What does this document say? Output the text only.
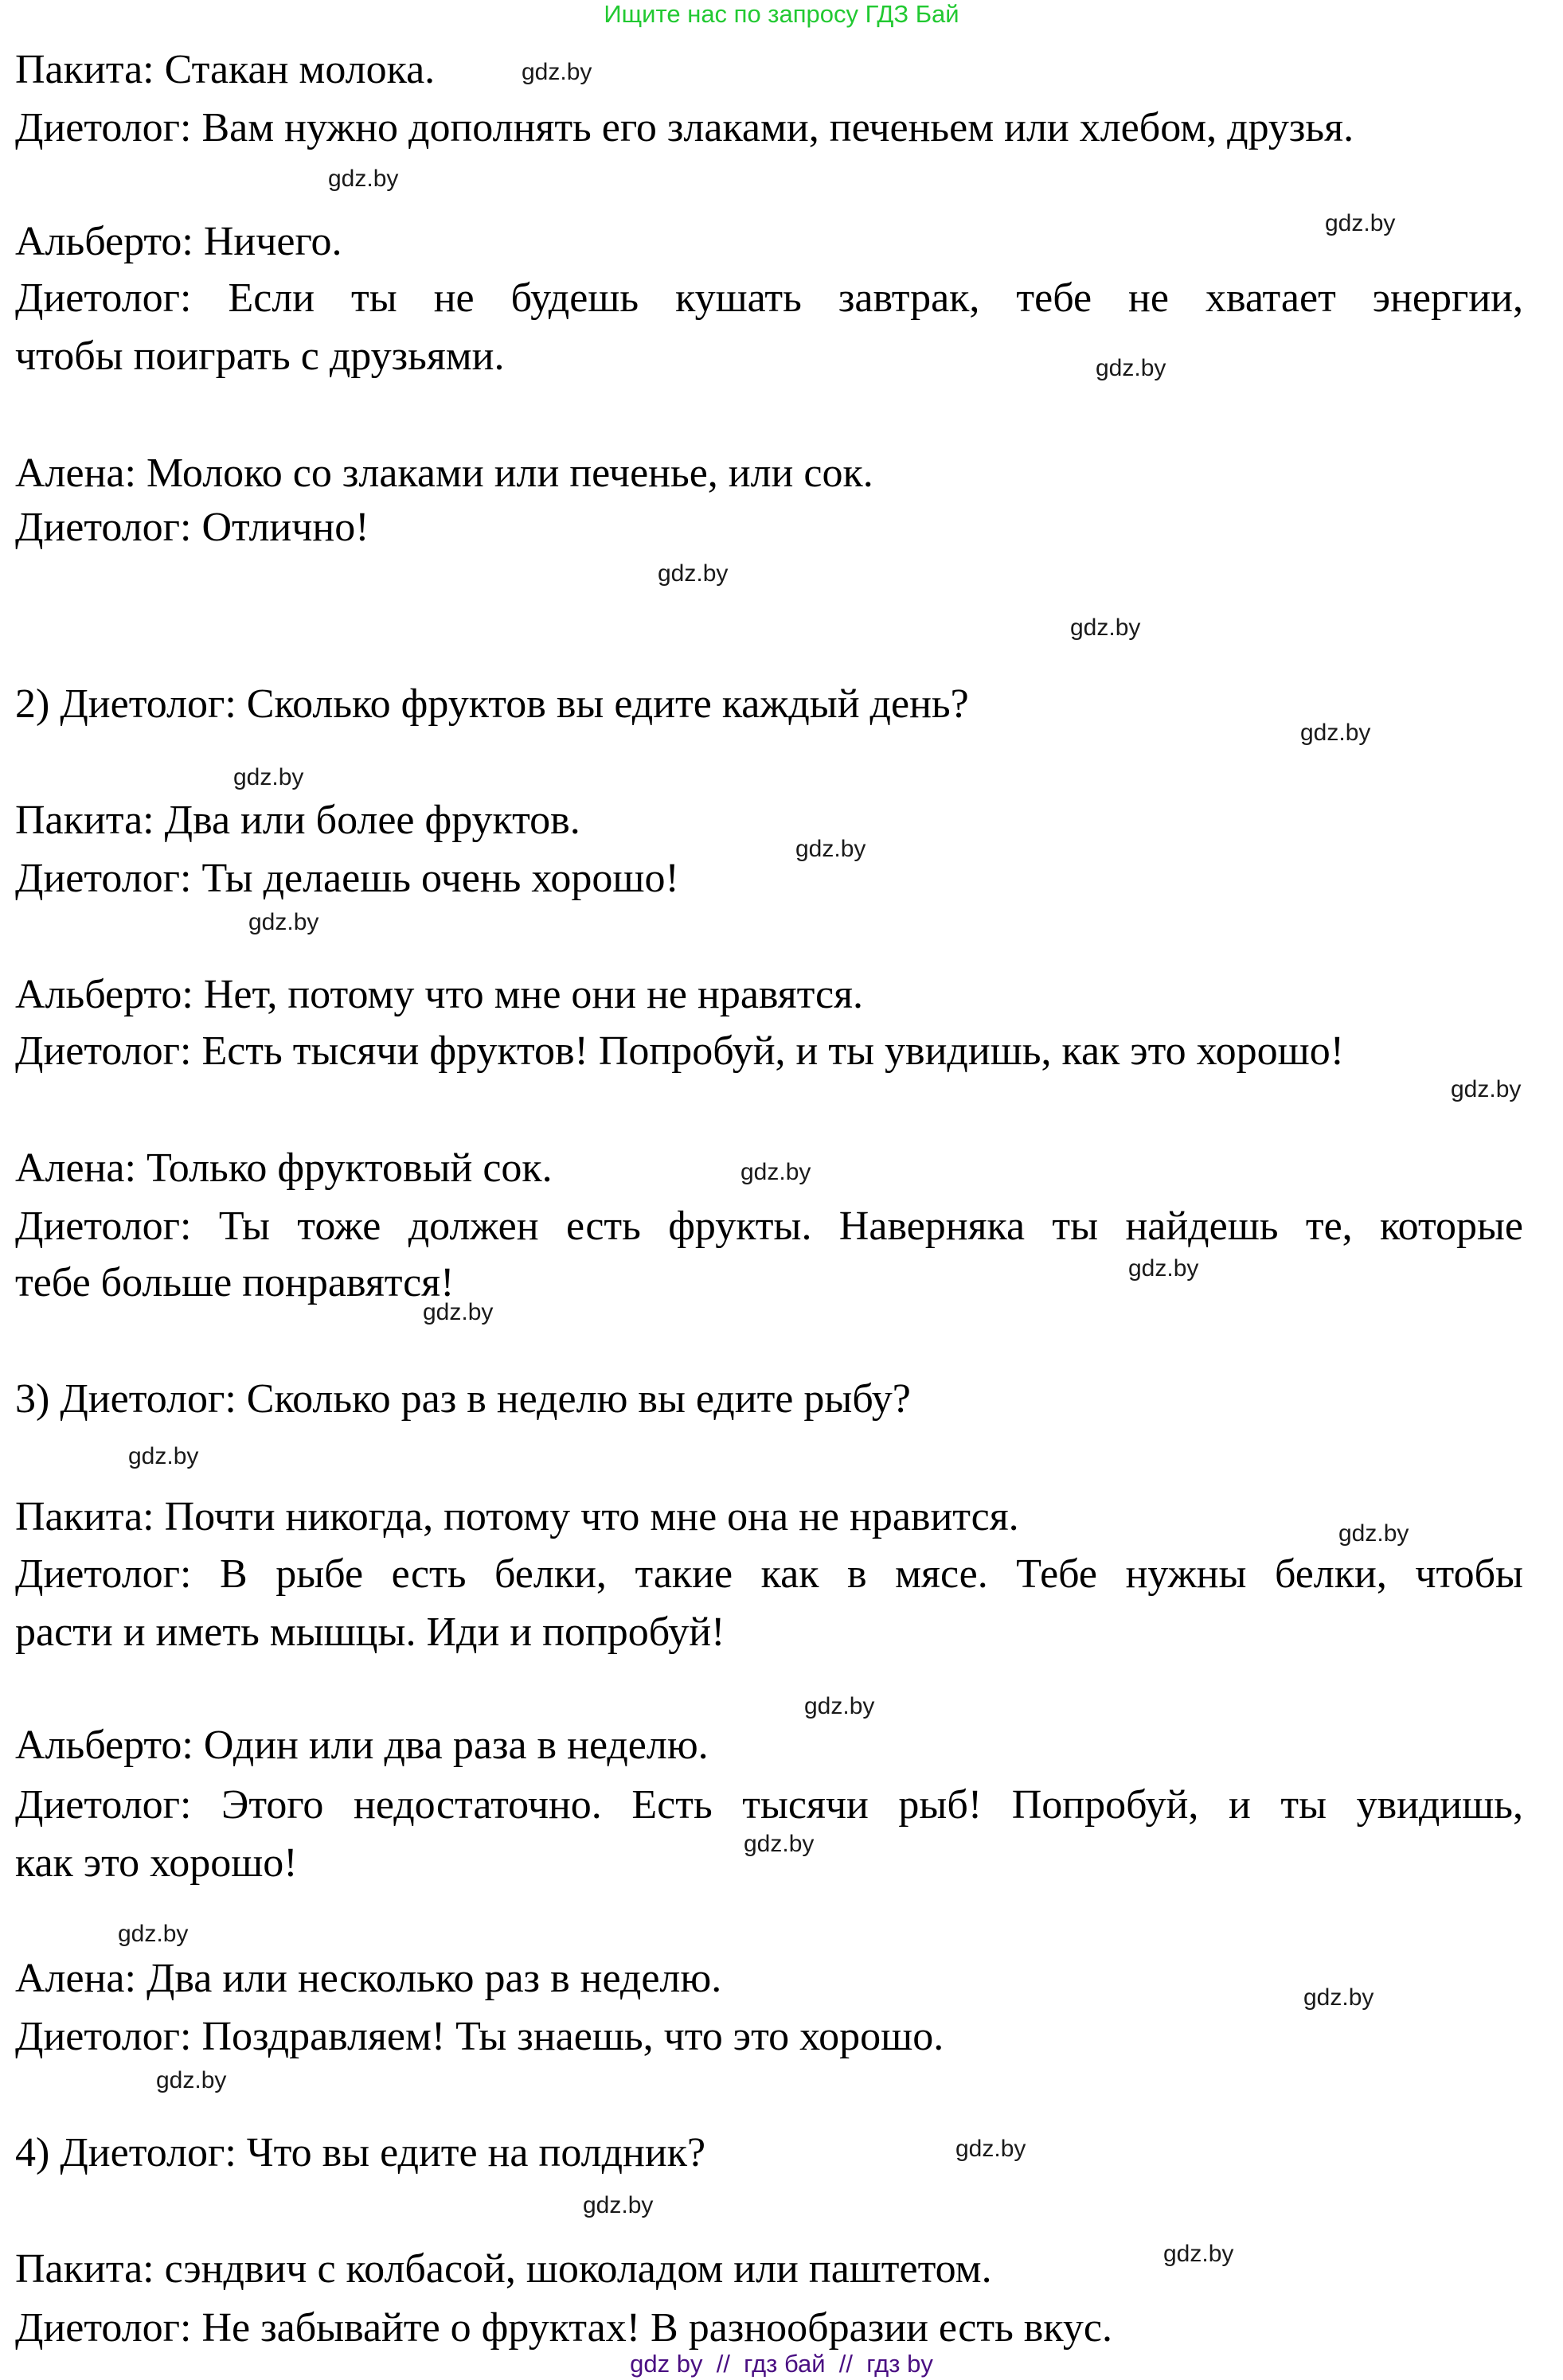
Ищите нас по запросу ГДЗ Бай
Пакита: Стакан молока.
Диетолог: Вам нужно дополнять его злаками, печеньем или хлебом, друзья.
Альберто: Ничего.
Диетолог: Если ты не будешь кушать завтрак, тебе не хватает энергии,
чтобы поиграть с друзьями.
Алена: Молоко со злаками или печенье, или сок.
Диетолог: Отлично!
2) Диетолог: Сколько фруктов вы едите каждый день?
Пакита: Два или более фруктов.
Диетолог: Ты делаешь очень хорошо!
Альберто: Нет, потому что мне они не нравятся.
Диетолог: Есть тысячи фруктов! Попробуй, и ты увидишь, как это хорошо!
Алена: Только фруктовый сок.
Диетолог: Ты тоже должен есть фрукты. Наверняка ты найдешь те, которые
тебе больше понравятся!
3) Диетолог: Сколько раз в неделю вы едите рыбу?
Пакита: Почти никогда, потому что мне она не нравится.
Диетолог: В рыбе есть белки, такие как в мясе. Тебе нужны белки, чтобы
расти и иметь мышцы. Иди и попробуй!
Альберто: Один или два раза в неделю.
Диетолог: Этого недостаточно. Есть тысячи рыб! Попробуй, и ты увидишь,
как это хорошо!
Алена: Два или несколько раз в неделю.
Диетолог: Поздравляем! Ты знаешь, что это хорошо.
4) Диетолог: Что вы едите на полдник?
Пакита: сэндвич с колбасой, шоколадом или паштетом.
Диетолог: Не забывайте о фруктах! В разнообразии есть вкус.
gdz.by
gdz.by
gdz.by
gdz.by
gdz.by
gdz.by
gdz.by
gdz.by
gdz.by
gdz.by
gdz.by
gdz.by
gdz.by
gdz.by
gdz.by
gdz.by
gdz.by
gdz.by
gdz.by
gdz.by
gdz.by
gdz.by
gdz.by
gdz.by
gdz by  //  гдз бай  //  гдз by
